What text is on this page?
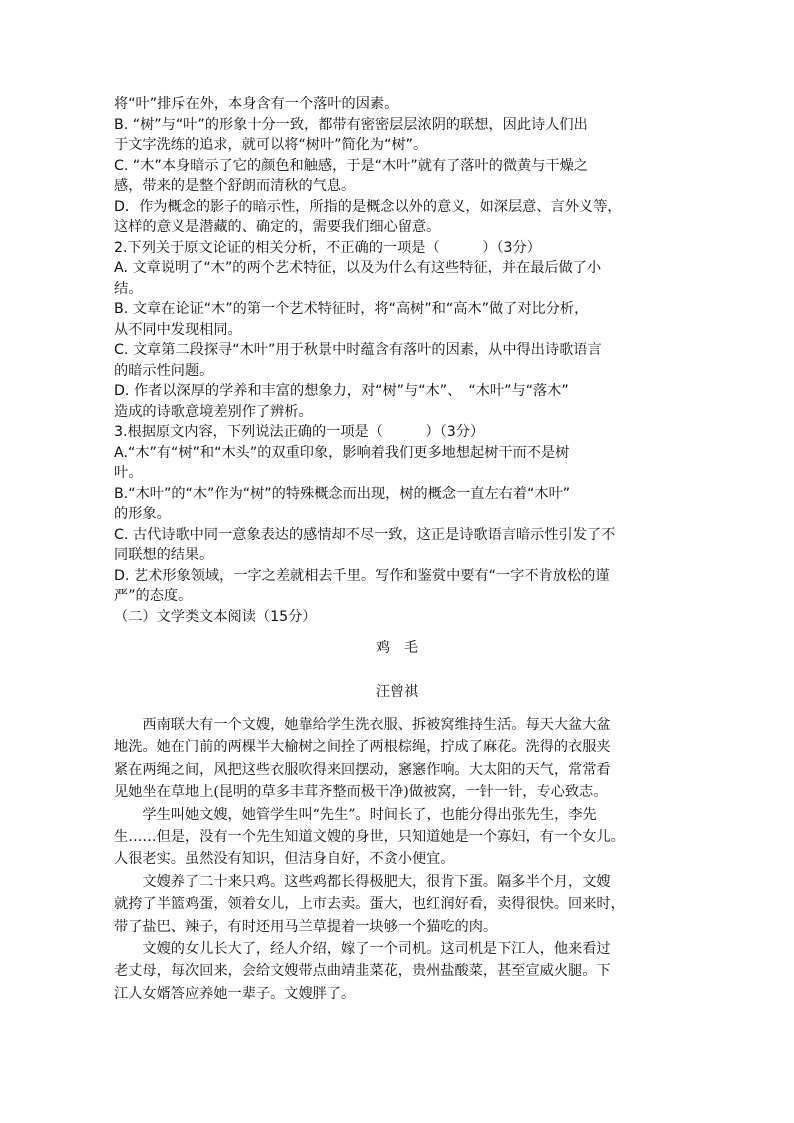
将“叶”排斥在外，本身含有一个落叶的因素。
B. “树”与“叶”的形象十分一致，都带有密密层层浓阴的联想，因此诗人们出
于文字洗练的追求，就可以将“树叶”简化为“树”。
C. “木”本身暗示了它的颜色和触感，于是“木叶”就有了落叶的微黄与干燥之
感，带来的是整个舒朗而清秋的气息。
D．作为概念的影子的暗示性，所指的是概念以外的意义，如深层意、言外义等，
这样的意义是潜藏的、确定的，需要我们细心留意。
2.下列关于原文论证的相关分析，不正确的一项是（　　　）（3分）
A. 文章说明了“木”的两个艺术特征，以及为什么有这些特征，并在最后做了小
结。
B. 文章在论证“木”的第一个艺术特征时，将“高树”和“高木”做了对比分析，
从不同中发现相同。
C. 文章第二段探寻“木叶”用于秋景中时蕴含有落叶的因素，从中得出诗歌语言
的暗示性问题。
D. 作者以深厚的学养和丰富的想象力，对“树”与“木”、　“木叶”与“落木”
造成的诗歌意境差别作了辨析。
3.根据原文内容，下列说法正确的一项是（　　　）（3分）
A.“木”有“树”和“木头”的双重印象，影响着我们更多地想起树干而不是树
叶。
B.“木叶”的“木”作为“树”的特殊概念而出现，树的概念一直左右着“木叶”
的形象。
C. 古代诗歌中同一意象表达的感情却不尽一致，这正是诗歌语言暗示性引发了不
同联想的结果。
D. 艺术形象领域，一字之差就相去千里。写作和鉴赏中要有“一字不肯放松的谨
严”的态度。
（二）文学类文本阅读（15分）
鸡　毛
汪曾祺
　　西南联大有一个文嫂，她靠给学生洗衣服、拆被窝维持生活。每天大盆大盆
地洗。她在门前的两棵半大榆树之间拴了两根棕绳，拧成了麻花。洗得的衣服夹
紧在两绳之间，风把这些衣服吹得来回摆动，窸窸作响。大太阳的天气，常常看
见她坐在草地上(昆明的草多丰茸齐整而极干净)做被窝，一针一针，专心致志。
　　学生叫她文嫂，她管学生叫“先生”。时间长了，也能分得出张先生，李先
生……但是，没有一个先生知道文嫂的身世，只知道她是一个寡妇，有一个女儿。
人很老实。虽然没有知识，但洁身自好，不贪小便宜。
　　文嫂养了二十来只鸡。这些鸡都长得极肥大，很肯下蛋。隔多半个月，文嫂
就挎了半篮鸡蛋，领着女儿，上市去卖。蛋大，也红润好看，卖得很快。回来时，
带了盐巴、辣子，有时还用马兰草提着一块够一个猫吃的肉。
　　文嫂的女儿长大了，经人介绍，嫁了一个司机。这司机是下江人，他来看过
老丈母，每次回来，会给文嫂带点曲靖韭菜花，贵州盐酸菜，甚至宣威火腿。下
江人女婿答应养她一辈子。文嫂胖了。
